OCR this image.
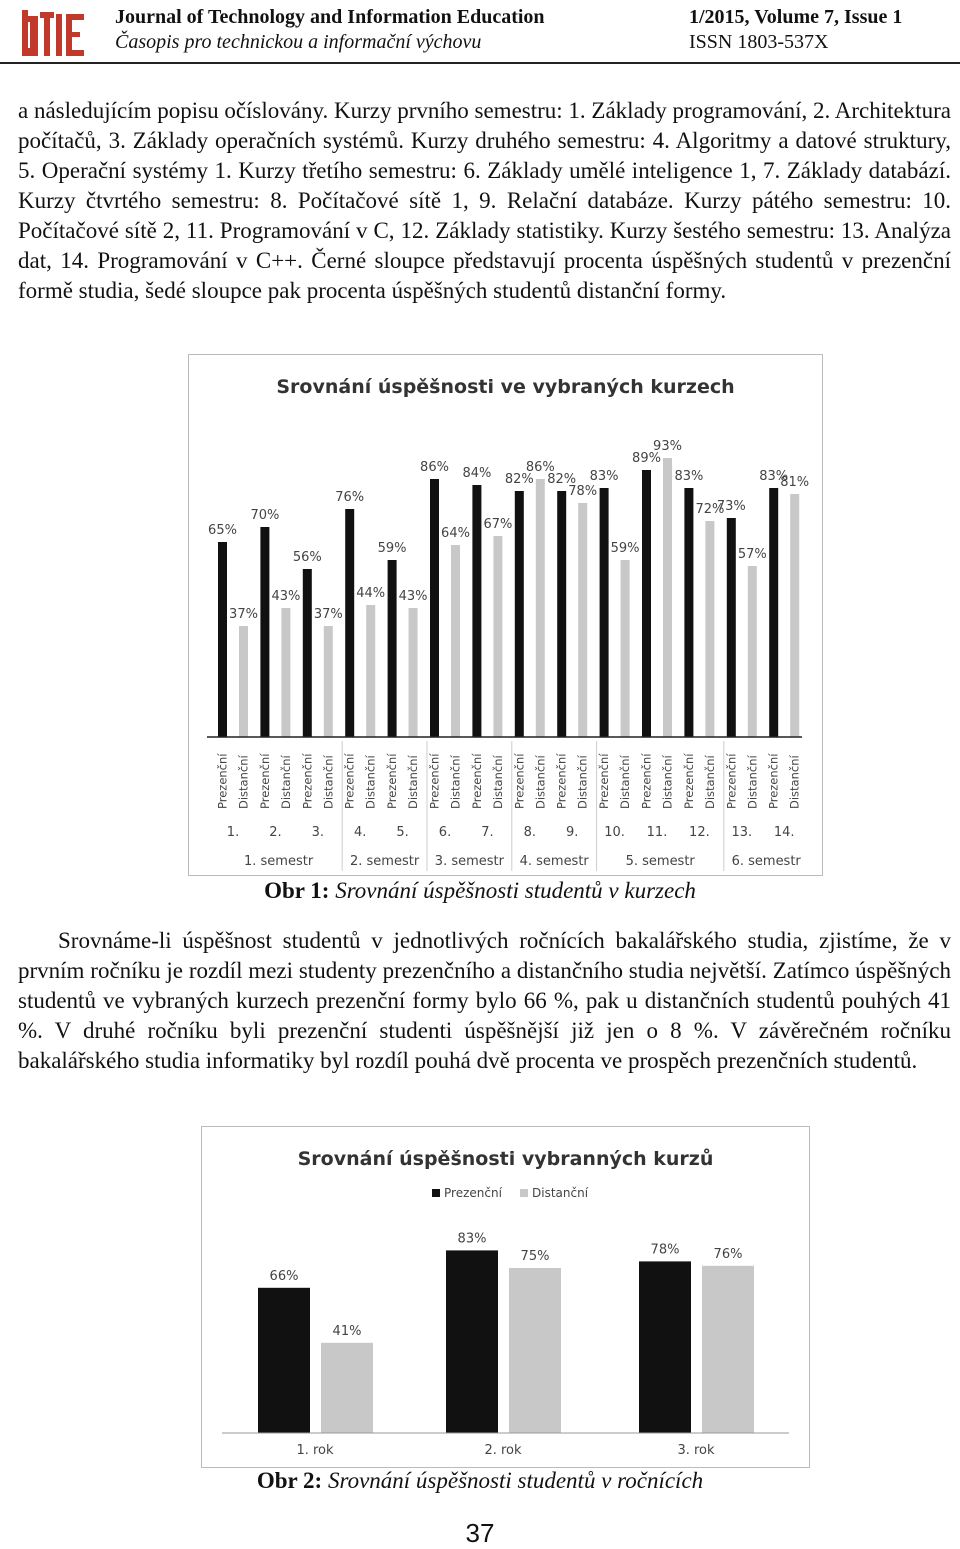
Journal of Technology and Information Education
Časopis pro technickou a informační výchovu
1/2015, Volume 7, Issue 1
ISSN 1803-537X

a následujícím popisu očíslovány. Kurzy prvního semestru: 1. Základy programování, 2. Architektura počítačů, 3. Základy operačních systémů. Kurzy druhého semestru: 4. Algoritmy a datové struktury, 5. Operační systémy 1. Kurzy třetího semestru: 6. Základy umělé inteligence 1, 7. Základy databází. Kurzy čtvrtého semestru: 8. Počítačové sítě 1, 9. Relační databáze. Kurzy pátého semestru: 10. Počítačové sítě 2, 11. Programování v C, 12. Základy statistiky. Kurzy šestého semestru: 13. Analýza dat, 14. Programování v C++. Černé sloupce představují procenta úspěšných studentů v prezenční formě studia, šedé sloupce pak procenta úspěšných studentů distanční formy.

Srovnání úspěšnosti ve vybraných kurzech
65%
Prezenční
37%
Distanční
1.
70%
Prezenční
43%
Distanční
2.
56%
Prezenční
37%
Distanční
3.
76%
Prezenční
44%
Distanční
4.
59%
Prezenční
43%
Distanční
5.
86%
Prezenční
64%
Distanční
6.
84%
Prezenční
67%
Distanční
7.
82%
Prezenční
86%
Distanční
8.
82%
Prezenční
78%
Distanční
9.
83%
Prezenční
59%
Distanční
10.
89%
Prezenční
93%
Distanční
11.
83%
Prezenční
72%
Distanční
12.
73%
Prezenční
57%
Distanční
13.
83%
Prezenční
81%
Distanční
14.
1. semestr	2. semestr 3. semestr 4. semestr	5. semestr	6. semestr
Obr 1: Srovnání úspěšnosti studentů v kurzech

Srovnáme-li úspěšnost studentů v jednotlivých ročnících bakalářského studia, zjistíme, že v prvním ročníku je rozdíl mezi studenty prezenčního a distančního studia největší. Zatímco úspěšných studentů ve vybraných kurzech prezenční formy bylo 66 %, pak u distančních studentů pouhých 41 %. V druhé ročníku byli prezenční studenti úspěšnější již jen o 8 %. V závěrečném ročníku bakalářského studia informatiky byl rozdíl pouhá dvě procenta ve prospěch prezenčních studentů.

Srovnání úspěšnosti vybranných kurzů
Prezenční	Distanční
66%
41%
1. rok
83%
75%
2. rok
78%	76%
3. rok
Obr 2: Srovnání úspěšnosti studentů v ročnících
37
